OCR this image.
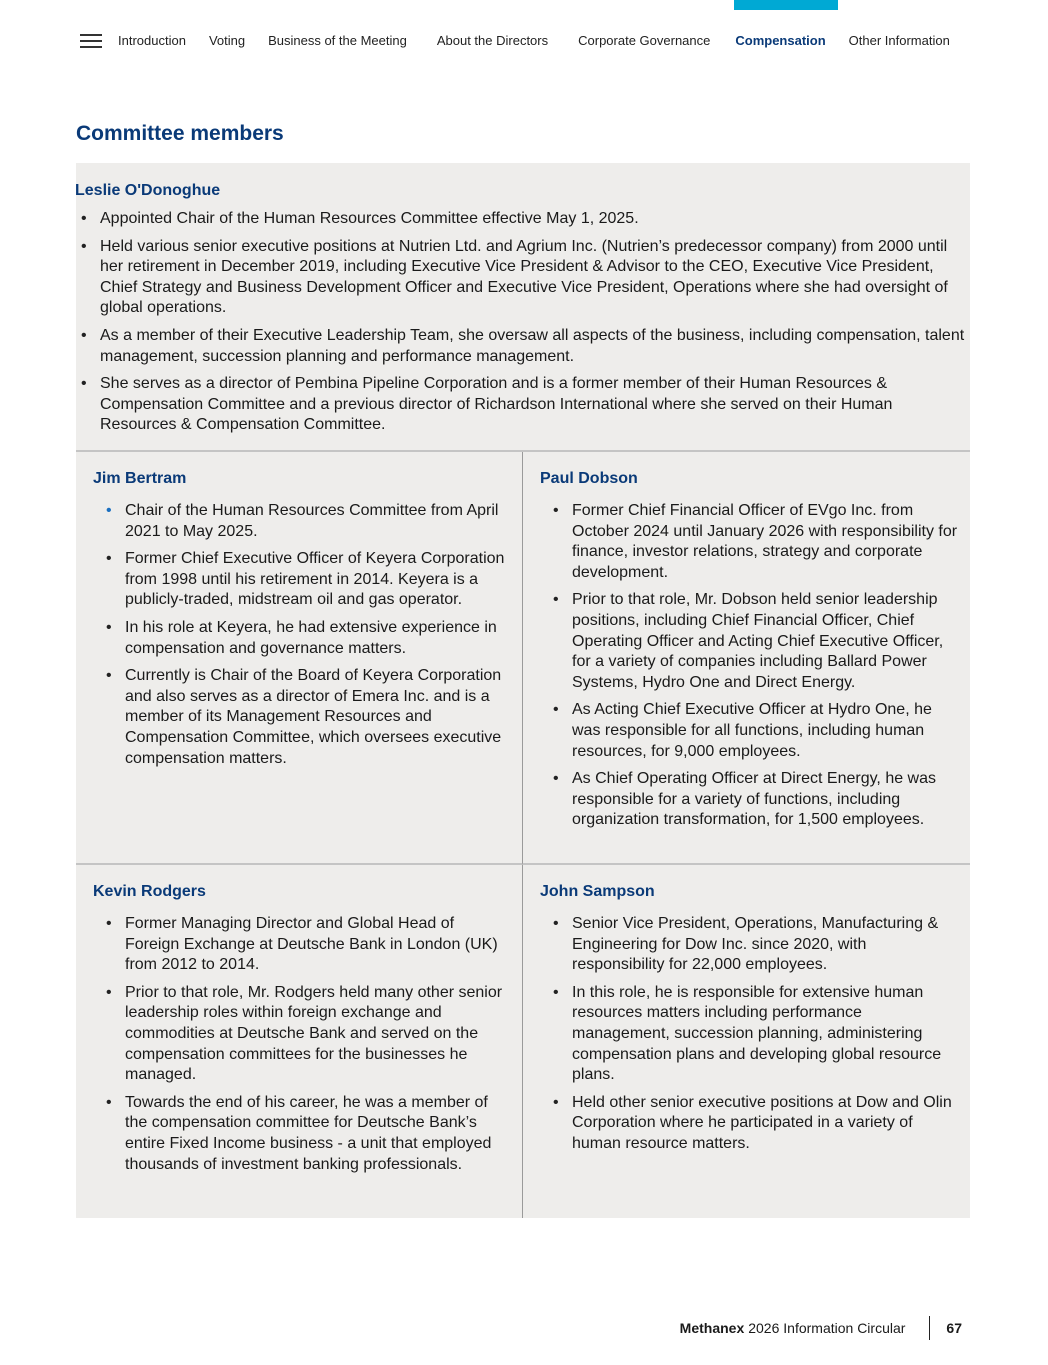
Introduction Voting Business of the Meeting About the Directors Corporate Governance Compensation Other Information
Committee members
Leslie O'Donoghue
• Appointed Chair of the Human Resources Committee effective May 1, 2025.
• Held various senior executive positions at Nutrien Ltd. and Agrium Inc. (Nutrien’s predecessor company) from 2000 until her retirement in December 2019, including Executive Vice President & Advisor to the CEO, Executive Vice President, Chief Strategy and Business Development Officer and Executive Vice President, Operations where she had oversight of global operations.
• As a member of their Executive Leadership Team, she oversaw all aspects of the business, including compensation, talent management, succession planning and performance management.
• She serves as a director of Pembina Pipeline Corporation and is a former member of their Human Resources & Compensation Committee and a previous director of Richardson International where she served on their Human Resources & Compensation Committee.
Jim Bertram
• Chair of the Human Resources Committee from April 2021 to May 2025.
• Former Chief Executive Officer of Keyera Corporation from 1998 until his retirement in 2014. Keyera is a publicly-traded, midstream oil and gas operator.
• In his role at Keyera, he had extensive experience in compensation and governance matters.
• Currently is Chair of the Board of Keyera Corporation and also serves as a director of Emera Inc. and is a member of its Management Resources and Compensation Committee, which oversees executive compensation matters.
Paul Dobson
• Former Chief Financial Officer of EVgo Inc. from October 2024 until January 2026 with responsibility for finance, investor relations, strategy and corporate development.
• Prior to that role, Mr. Dobson held senior leadership positions, including Chief Financial Officer, Chief Operating Officer and Acting Chief Executive Officer, for a variety of companies including Ballard Power Systems, Hydro One and Direct Energy.
• As Acting Chief Executive Officer at Hydro One, he was responsible for all functions, including human resources, for 9,000 employees.
• As Chief Operating Officer at Direct Energy, he was responsible for a variety of functions, including organization transformation, for 1,500 employees.
Kevin Rodgers
• Former Managing Director and Global Head of Foreign Exchange at Deutsche Bank in London (UK) from 2012 to 2014.
• Prior to that role, Mr. Rodgers held many other senior leadership roles within foreign exchange and commodities at Deutsche Bank and served on the compensation committees for the businesses he managed.
• Towards the end of his career, he was a member of the compensation committee for Deutsche Bank’s entire Fixed Income business - a unit that employed thousands of investment banking professionals.
John Sampson
• Senior Vice President, Operations, Manufacturing & Engineering for Dow Inc. since 2020, with responsibility for 22,000 employees.
• In this role, he is responsible for extensive human resources matters including performance management, succession planning, administering compensation plans and developing global resource plans.
• Held other senior executive positions at Dow and Olin Corporation where he participated in a variety of human resource matters.
Methanex 2026 Information Circular	67
